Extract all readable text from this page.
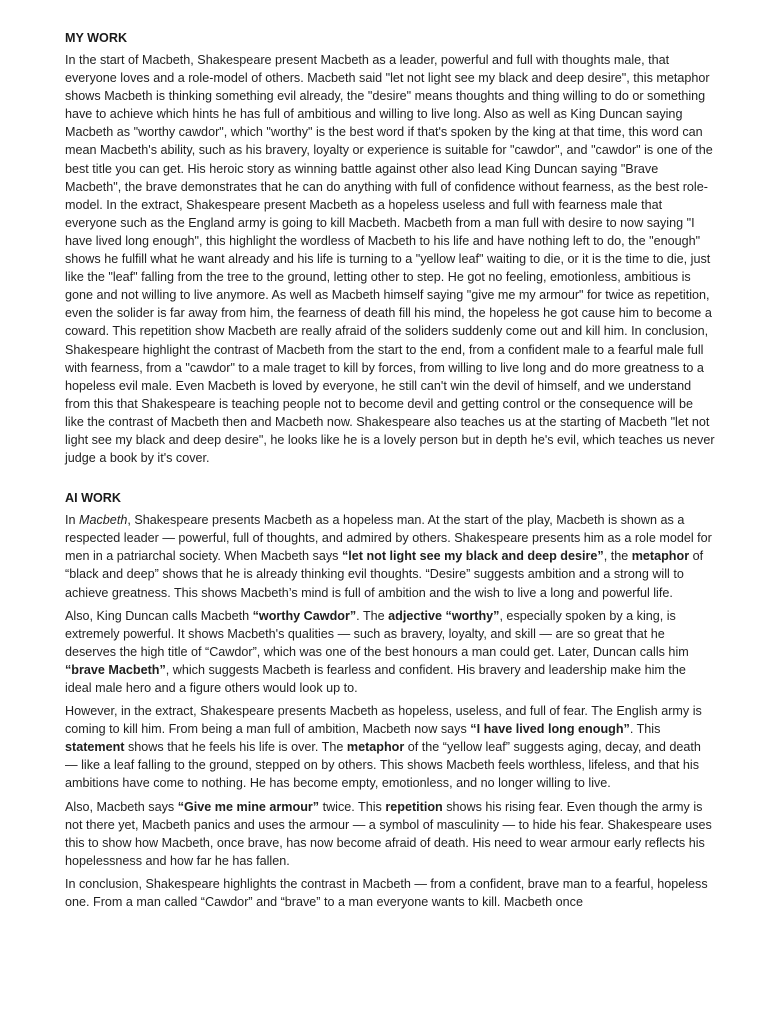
MY WORK

In the start of Macbeth, Shakespeare present Macbeth as a leader, powerful and full with thoughts male, that everyone loves and a role-model of others. Macbeth said "let not light see my black and deep desire", this metaphor shows Macbeth is thinking something evil already, the "desire" means thoughts and thing willing to do or something have to achieve which hints he has full of ambitious and willing to live long. Also as well as King Duncan saying Macbeth as "worthy cawdor", which "worthy" is the best word if that's spoken by the king at that time, this word can mean Macbeth's ability, such as his bravery, loyalty or experience is suitable for "cawdor", and "cawdor" is one of the best title you can get. His heroic story as winning battle against other also lead King Duncan saying "Brave Macbeth", the brave demonstrates that he can do anything with full of confidence without fearness, as the best role-model. In the extract, Shakespeare present Macbeth as a hopeless useless and full with fearness male that everyone such as the England army is going to kill Macbeth. Macbeth from a man full with desire to now saying "I have lived long enough", this highlight the wordless of Macbeth to his life and have nothing left to do, the "enough" shows he fulfill what he want already and his life is turning to a "yellow leaf" waiting to die, or it is the time to die, just like the "leaf" falling from the tree to the ground, letting other to step. He got no feeling, emotionless, ambitious is gone and not willing to live anymore. As well as Macbeth himself saying "give me my armour" for twice as repetition, even the solider is far away from him, the fearness of death fill his mind, the hopeless he got cause him to become a coward. This repetition show Macbeth are really afraid of the soliders suddenly come out and kill him. In conclusion, Shakespeare highlight the contrast of Macbeth from the start to the end, from a confident male to a fearful male full with fearness, from a "cawdor" to a male traget to kill by forces, from willing to live long and do more greatness to a hopeless evil male. Even Macbeth is loved by everyone, he still can't win the devil of himself, and we understand from this that Shakespeare is teaching people not to become devil and getting control or the consequence will be like the contrast of Macbeth then and Macbeth now. Shakespeare also teaches us at the starting of Macbeth "let not light see my black and deep desire", he looks like he is a lovely person but in depth he's evil, which teaches us never judge a book by it's cover.

AI WORK

In Macbeth, Shakespeare presents Macbeth as a hopeless man. At the start of the play, Macbeth is shown as a respected leader — powerful, full of thoughts, and admired by others. Shakespeare presents him as a role model for men in a patriarchal society. When Macbeth says “let not light see my black and deep desire”, the metaphor of “black and deep” shows that he is already thinking evil thoughts. “Desire” suggests ambition and a strong will to achieve greatness. This shows Macbeth’s mind is full of ambition and the wish to live a long and powerful life.

Also, King Duncan calls Macbeth “worthy Cawdor”. The adjective “worthy”, especially spoken by a king, is extremely powerful. It shows Macbeth's qualities — such as bravery, loyalty, and skill — are so great that he deserves the high title of “Cawdor”, which was one of the best honours a man could get. Later, Duncan calls him “brave Macbeth”, which suggests Macbeth is fearless and confident. His bravery and leadership make him the ideal male hero and a figure others would look up to.

However, in the extract, Shakespeare presents Macbeth as hopeless, useless, and full of fear. The English army is coming to kill him. From being a man full of ambition, Macbeth now says “I have lived long enough”. This statement shows that he feels his life is over. The metaphor of the “yellow leaf” suggests aging, decay, and death — like a leaf falling to the ground, stepped on by others. This shows Macbeth feels worthless, lifeless, and that his ambitions have come to nothing. He has become empty, emotionless, and no longer willing to live.

Also, Macbeth says “Give me mine armour” twice. This repetition shows his rising fear. Even though the army is not there yet, Macbeth panics and uses the armour — a symbol of masculinity — to hide his fear. Shakespeare uses this to show how Macbeth, once brave, has now become afraid of death. His need to wear armour early reflects his hopelessness and how far he has fallen.

In conclusion, Shakespeare highlights the contrast in Macbeth — from a confident, brave man to a fearful, hopeless one. From a man called “Cawdor” and “brave” to a man everyone wants to kill. Macbeth once
